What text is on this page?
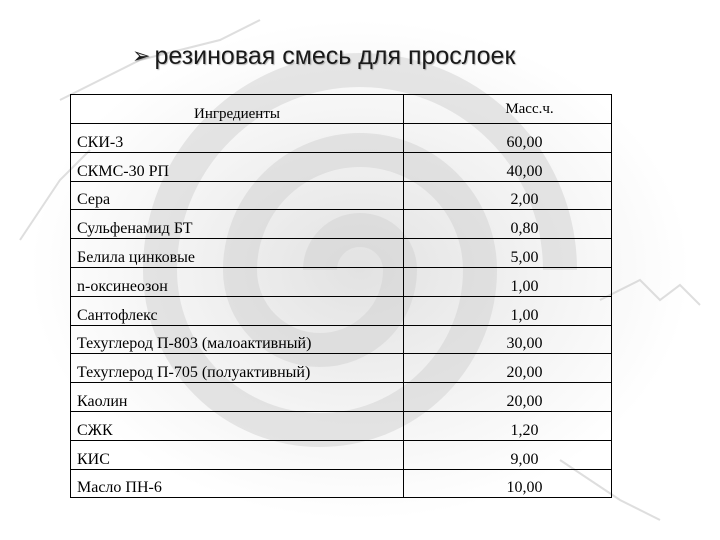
➢ резиновая смесь для прослоек
Ингредиенты	Масс.ч.
СКИ-3	60,00
СКМС-30 РП	40,00
Сера	2,00
Сульфенамид БТ	0,80
Белила цинковые	5,00
n-оксинеозон	1,00
Сантофлекс	1,00
Техуглерод П-803 (малоактивный)	30,00
Техуглерод П-705 (полуактивный)	20,00
Каолин	20,00
СЖК	1,20
КИС	9,00
Масло ПН-6	10,00
